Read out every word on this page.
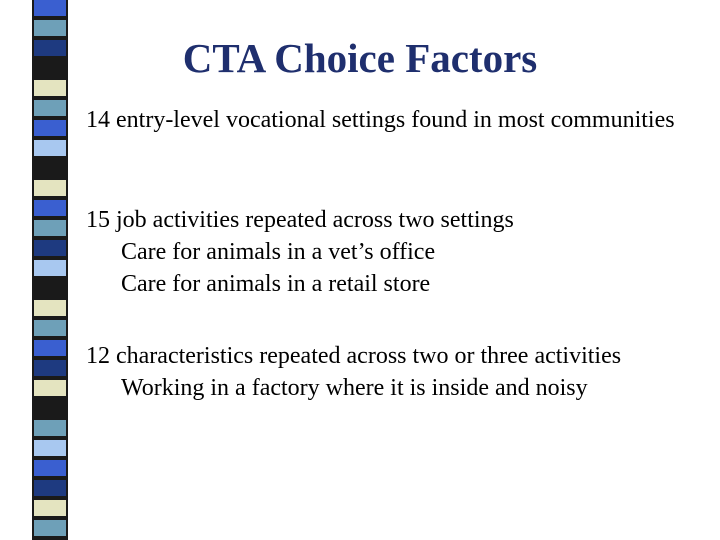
CTA Choice Factors
14 entry-level vocational settings found in most communities
15 job activities repeated across two settings
Care for animals in a vet’s office
Care for animals in a retail store
12 characteristics repeated across two or three activities
Working in a factory where it is inside and noisy
